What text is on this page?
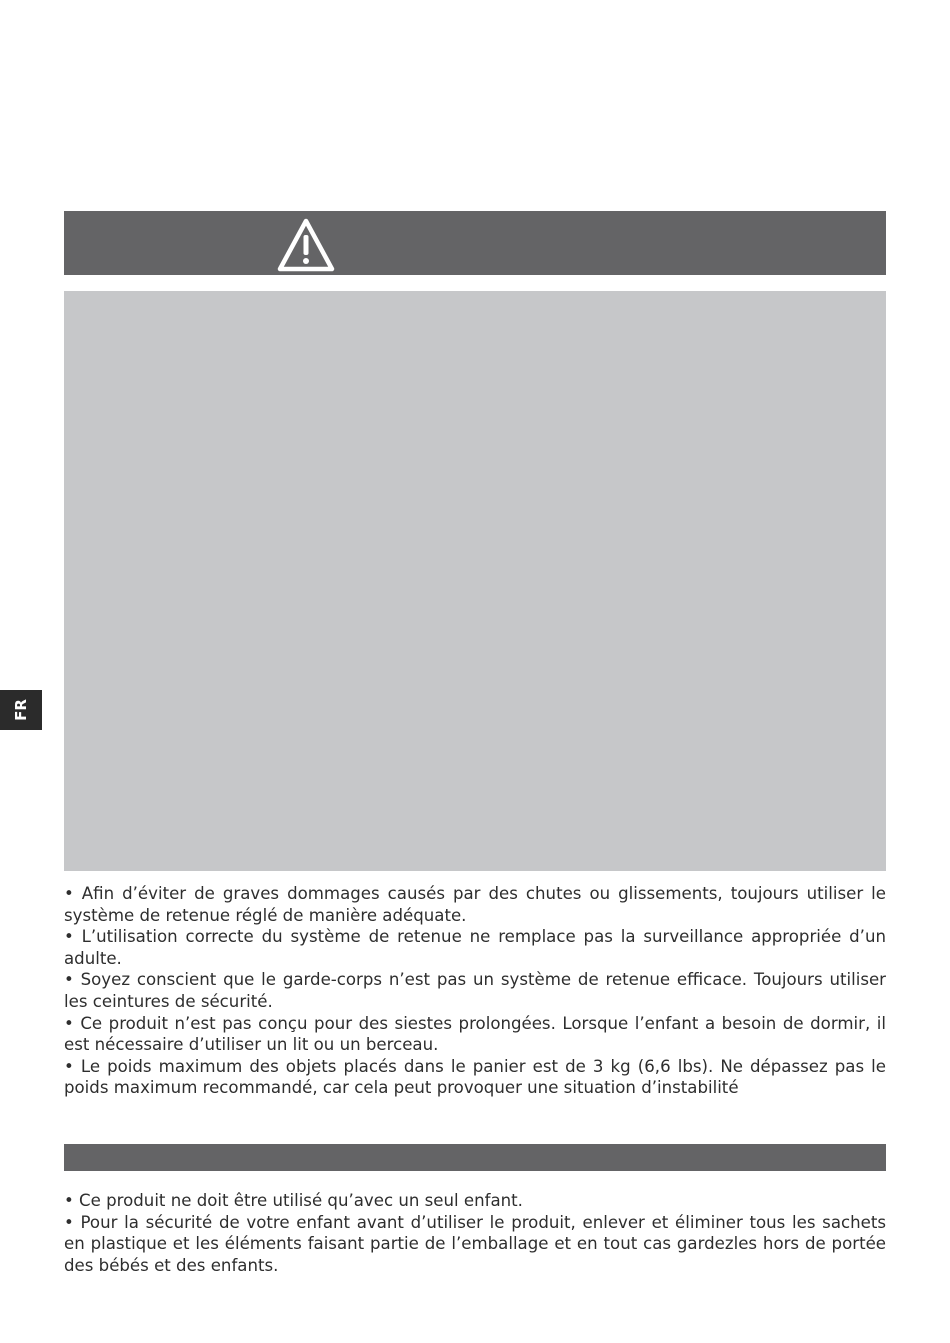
• Afin d’éviter de graves dommages causés par des chutes ou glissements, toujours utiliser le système de retenue réglé de manière adéquate.

• L’utilisation correcte du système de retenue ne remplace pas la surveillance appropriée d’un adulte.

• Soyez conscient que le garde-corps n’est pas un système de retenue efficace. Toujours utiliser les ceintures de sécurité.

• Ce produit n’est pas conçu pour des siestes prolongées. Lorsque l’enfant a besoin de dormir, il est nécessaire d’utiliser un lit ou un berceau.

• Le poids maximum des objets placés dans le panier est de 3 kg (6,6 lbs). Ne dépassez pas le poids maximum recommandé, car cela peut provoquer une situation d’instabilité

• Ce produit ne doit être utilisé qu’avec un seul enfant.

• Pour la sécurité de votre enfant avant d’utiliser le produit, enlever et éliminer tous les sachets en plastique et les éléments faisant partie de l’emballage et en tout cas gardezles hors de portée des bébés et des enfants.

FR
